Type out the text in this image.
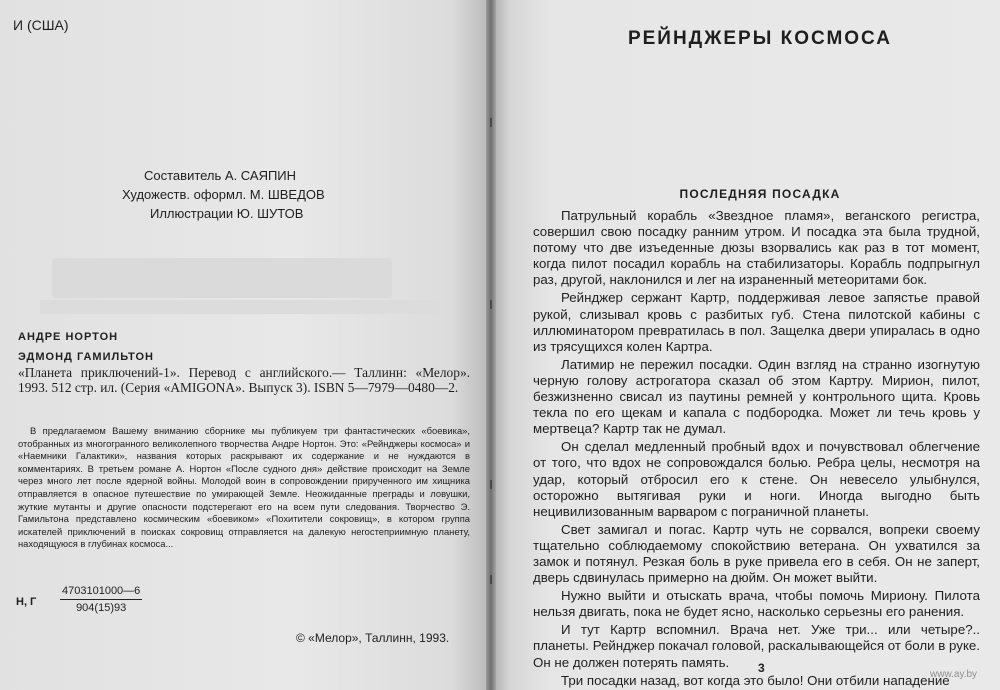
И (США)
Составитель А. САЯПИН
Художеств. оформл. М. ШВЕДОВ
Иллюстрации Ю. ШУТОВ
АНДРЕ НОРТОН
ЭДМОНД ГАМИЛЬТОН
«Планета приключений-1». Перевод с английского.— Таллинн: «Мелор». 1993. 512 стр. ил. (Серия «AMIGONA». Выпуск 3). ISBN 5—7979—0480—2.
В предлагаемом Вашему вниманию сборнике мы публикуем три фантастических «боевика», отобранных из многогранного великолепного творчества Андре Нортон. Это: «Рейнджеры космоса» и «Наемники Галактики», названия которых раскрывают их содержание и не нуждаются в комментариях. В третьем романе А. Нортон «После судного дня» действие происходит на Земле через много лет после ядерной войны. Молодой воин в сопровождении прирученного им хищника отправляется в опасное путешествие по умирающей Земле. Неожиданные преграды и ловушки, жуткие мутанты и другие опасности подстерегают его на всем пути следования. Творчество Э. Гамильтона представлено космическим «боевиком» «Похитители сокровищ», в котором группа искателей приключений в поисках сокровищ отправляется на далекую негостеприимную планету, находящуюся в глубинах космоса...
Н, Г $\frac{4703101000—6}{904(15)93}$
© «Мелор», Таллинн, 1993.
РЕЙНДЖЕРЫ КОСМОСА
ПОСЛЕДНЯЯ ПОСАДКА

Патрульный корабль «Звездное пламя», веганского регистра, совершил свою посадку ранним утром. И посадка эта была трудной, потому что две изъеденные дюзы взорвались как раз в тот момент, когда пилот посадил корабль на стабилизаторы. Корабль подпрыгнул раз, другой, наклонился и лег на израненный метеоритами бок.

Рейнджер сержант Картр, поддерживая левое запястье правой рукой, слизывал кровь с разбитых губ. Стена пилотской кабины с иллюминатором превратилась в пол. Защелка двери упиралась в одно из трясущихся колен Картра.

Латимир не пережил посадки. Один взгляд на странно изогнутую черную голову астрогатора сказал об этом Картру. Мирион, пилот, безжизненно свисал из паутины ремней у контрольного щита. Кровь текла по его щекам и капала с подбородка. Может ли течь кровь у мертвеца? Картр так не думал.

Он сделал медленный пробный вдох и почувствовал облегчение от того, что вдох не сопровождался болью. Ребра целы, несмотря на удар, который отбросил его к стене. Он невесело улыбнулся, осторожно вытягивая руки и ноги. Иногда выгодно быть нецивилизованным варваром с пограничной планеты.

Свет замигал и погас. Картр чуть не сорвался, вопреки своему тщательно соблюдаемому спокойствию ветерана. Он ухватился за замок и потянул. Резкая боль в руке привела его в себя. Он не заперт, дверь сдвинулась примерно на дюйм. Он может выйти.

Нужно выйти и отыскать врача, чтобы помочь Мириону. Пилота нельзя двигать, пока не будет ясно, насколько серьезны его ранения.

И тут Картр вспомнил. Врача нет. Уже три... или четыре?.. планеты. Рейнджер покачал головой, раскалывающейся от боли в руке. Он не должен потерять память.

Три посадки назад, вот когда это было! Они отбили нападение

3	www.ay.by
